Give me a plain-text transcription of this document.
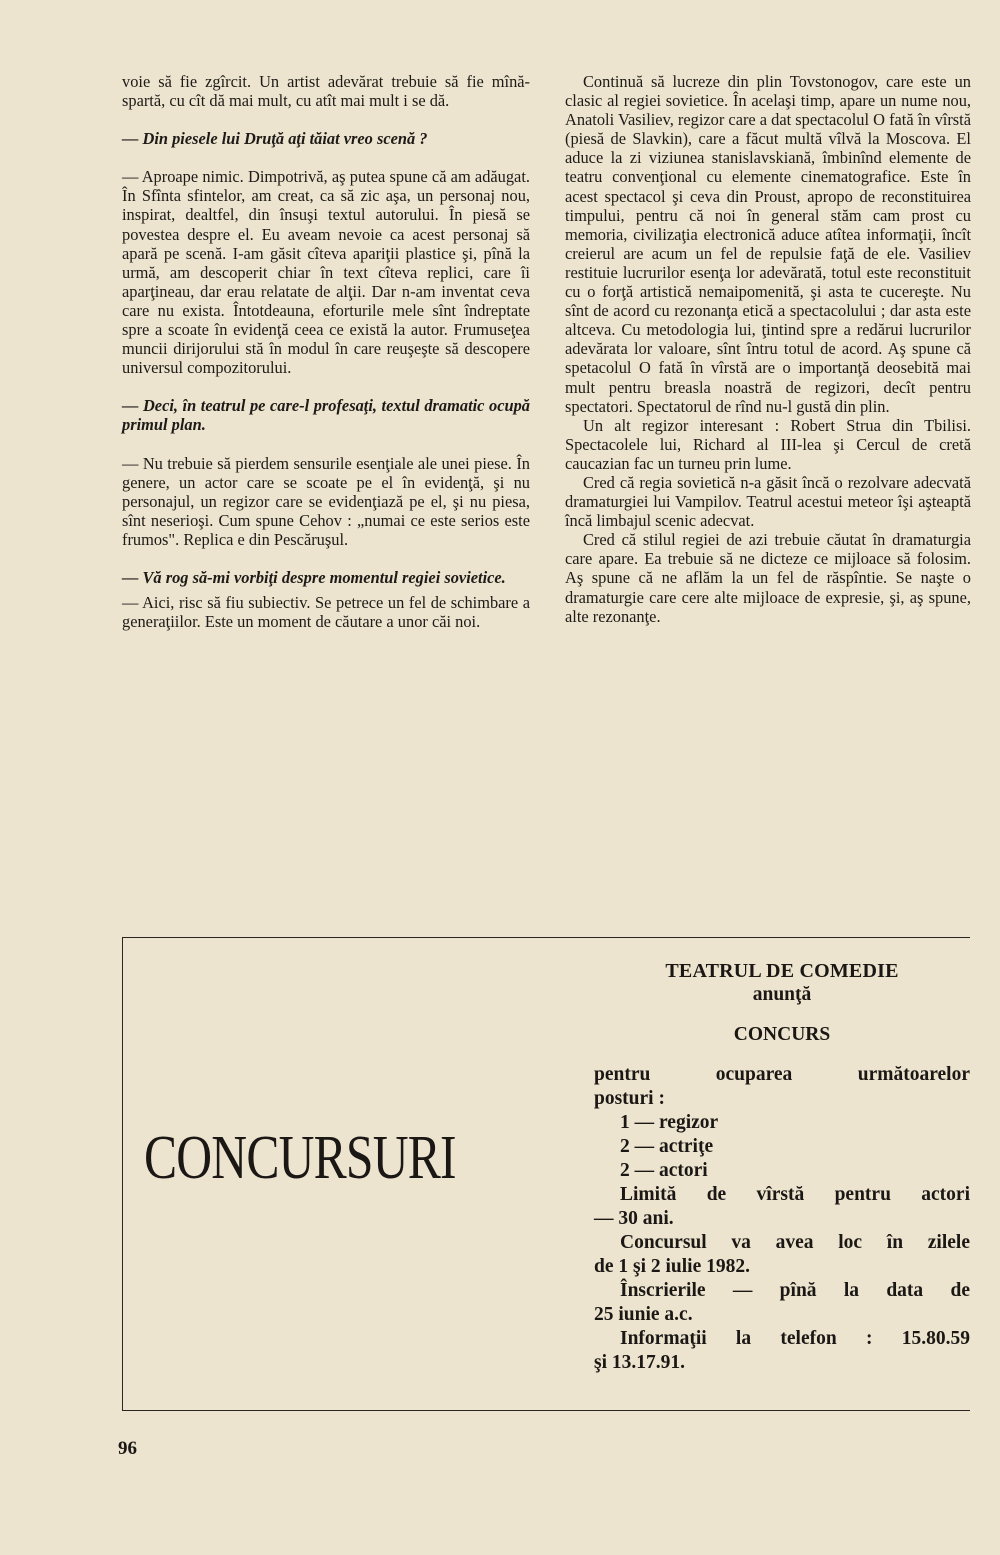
voie să fie zgîrcit. Un artist adevărat trebuie să fie mînă-spartă, cu cît dă mai mult, cu atît mai mult i se dă.

— Din piesele lui Druţă aţi tăiat vreo scenă ?

— Aproape nimic. Dimpotrivă, aş putea spune că am adăugat. În Sfînta sfintelor, am creat, ca să zic aşa, un personaj nou, inspirat, dealtfel, din însuşi textul autorului. În piesă se povestea despre el. Eu aveam nevoie ca acest personaj să apară pe scenă. I-am găsit cîteva apariţii plastice şi, pînă la urmă, am descoperit chiar în text cîteva replici, care îi aparţineau, dar erau relatate de alţii. Dar n-am inventat ceva care nu exista. Întotdeauna, eforturile mele sînt îndreptate spre a scoate în evidenţă ceea ce există la autor. Frumuseţea muncii dirijorului stă în modul în care reuşeşte să descopere universul compozitorului.

— Deci, în teatrul pe care-l profesaţi, textul dramatic ocupă primul plan.

— Nu trebuie să pierdem sensurile esenţiale ale unei piese. În genere, un actor care se scoate pe el în evidenţă, şi nu personajul, un regizor care se evidenţiază pe el, şi nu piesa, sînt neserioşi. Cum spune Cehov : „numai ce este serios este frumos". Replica e din Pescăruşul.

— Vă rog să-mi vorbiţi despre momentul regiei sovietice.

— Aici, risc să fiu subiectiv. Se petrece un fel de schimbare a generaţiilor. Este un moment de căutare a unor căi noi.

Continuă să lucreze din plin Tovstonogov, care este un clasic al regiei sovietice. În acelaşi timp, apare un nume nou, Anatoli Vasiliev, regizor care a dat spectacolul O fată în vîrstă (piesă de Slavkin), care a făcut multă vîlvă la Moscova. El aduce la zi viziunea stanislavskiană, îmbinînd elemente de teatru convenţional cu elemente cinematografice. Este în acest spectacol şi ceva din Proust, apropo de reconstituirea timpului, pentru că noi în general stăm cam prost cu memoria, civilizaţia electronică aduce atîtea informaţii, încît creierul are acum un fel de repulsie faţă de ele. Vasiliev restituie lucrurilor esenţa lor adevărată, totul este reconstituit cu o forţă artistică nemaipomenită, şi asta te cucereşte. Nu sînt de acord cu rezonanţa etică a spectacolului ; dar asta este altceva. Cu metodologia lui, ţintind spre a redărui lucrurilor adevărata lor valoare, sînt întru totul de acord. Aş spune că spetacolul O fată în vîrstă are o importanţă deosebită mai mult pentru breasla noastră de regizori, decît pentru spectatori. Spectatorul de rînd nu-l gustă din plin.

Un alt regizor interesant : Robert Strua din Tbilisi. Spectacolele lui, Richard al III-lea şi Cercul de cretă caucazian fac un turneu prin lume.

Cred că regia sovietică n-a găsit încă o rezolvare adecvată dramaturgiei lui Vampilov. Teatrul acestui meteor îşi aşteaptă încă limbajul scenic adecvat.

Cred că stilul regiei de azi trebuie căutat în dramaturgia care apare. Ea trebuie să ne dicteze ce mijloace să folosim. Aş spune că ne aflăm la un fel de răspîntie. Se naşte o dramaturgie care cere alte mijloace de expresie, şi, aş spune, alte rezonanţe.

CONCURSURI
TEATRUL DE COMEDIE
anunţă
CONCURS
pentru ocuparea următoarelor
posturi :
1 — regizor
2 — actriţe
2 — actori
Limită de vîrstă pentru actori
— 30 ani.
Concursul va avea loc în zilele
de 1 şi 2 iulie 1982.
Înscrierile — pînă la data de
25 iunie a.c.
Informaţii la telefon : 15.80.59
şi 13.17.91.
96
